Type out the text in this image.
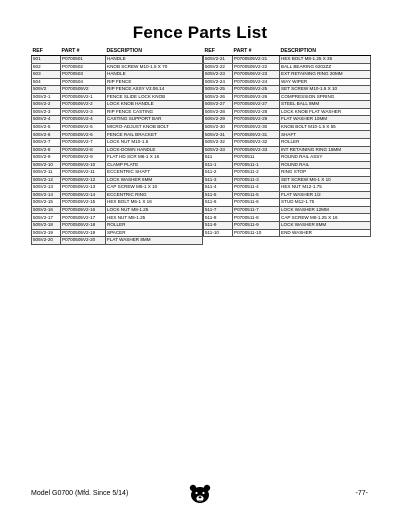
Fence Parts List
REF	PART #	DESCRIPTION
501	P0700501	HANDLE
502	P0700502	KNOB SCREW M10-1.5 X 70
503	P0700503	HANDLE
504	P0700504	RIP FENCE
505V2	P0700505V2	RIP FENCE ASSY V2.06.14
505V2-1	P0700505V2-1	FENCE SLIDE LOCK KNOB
505V2-2	P0700505V2-2	LOCK KNOB HANDLE
505V2-3	P0700505V2-3	RIP FENCE CASTING
505V2-4	P0700505V2-4	CASTING SUPPORT BAR
505V2-5	P0700505V2-5	MICRO-ADJUST KNOB BOLT
505V2-6	P0700505V2-6	FENCE RAIL BRACKET
505V2-7	P0700505V2-7	LOCK NUT M10-1.5
505V2-8	P0700505V2-8	LOCK-DOWN HANDLE
505V2-9	P0700505V2-9	FLAT HD SCR M6-1 X 16
505V2-10	P0700505V2-10	CLAMP PLATE
505V2-11	P0700505V2-11	ECCENTRIC SHAFT
505V2-12	P0700505V2-12	LOCK WASHER 6MM
505V2-13	P0700505V2-13	CAP SCREW M6-1 X 10
505V2-14	P0700505V2-14	ECCENTRIC RING
505V2-15	P0700505V2-15	HEX BOLT M6-1 X 16
505V2-16	P0700505V2-16	LOCK NUT M8-1.25
505V2-17	P0700505V2-17	HEX NUT M8-1.25
505V2-18	P0700505V2-18	ROLLER
505V2-19	P0700505V2-19	SPACER
505V2-20	P0700505V2-20	FLAT WASHER 8MM
REF	PART #	DESCRIPTION
505V2-21	P0700505V2-21	HEX BOLT M8-1.25 X 35
505V2-22	P0700505V2-22	BALL BEARING 6202ZZ
505V2-23	P0700505V2-23	EXT RETAINING RING 20MM
505V2-24	P0700505V2-24	WAY WIPER
505V2-25	P0700505V2-25	SET SCREW M10-1.5 X 10
505V2-26	P0700505V2-26	COMPRESSION SPRING
505V2-27	P0700505V2-27	STEEL BALL 8MM
505V2-28	P0700505V2-28	LOCK KNOB FLAT WASHER
505V2-29	P0700505V2-29	FLAT WASHER 10MM
505V2-30	P0700505V2-30	KNOB BOLT M10-1.5 X 55
505V2-31	P0700505V2-31	SHAFT
505V2-32	P0700505V2-32	ROLLER
505V2-33	P0700505V2-33	INT RETAINING RING 15MM
511	P0700511	ROUND RAIL ASSY
511-1	P0700511-1	ROUND RAIL
511-2	P0700511-2	RING STOP
511-3	P0700511-3	SET SCREW M6-1 X 10
511-4	P0700511-4	HEX NUT M12-1.75
511-5	P0700511-5	FLAT WASHER 1/2
511-6	P0700511-6	STUD M12-1.75
511-7	P0700511-7	LOCK WASHER 12MM
511-8	P0700511-8	CAP SCREW M8-1.25 X 16
511-9	P0700511-9	LOCK WASHER 8MM
511-10	P0700511-10	END WASHER
Model G0700 (Mfd. Since 5/14)	-77-
